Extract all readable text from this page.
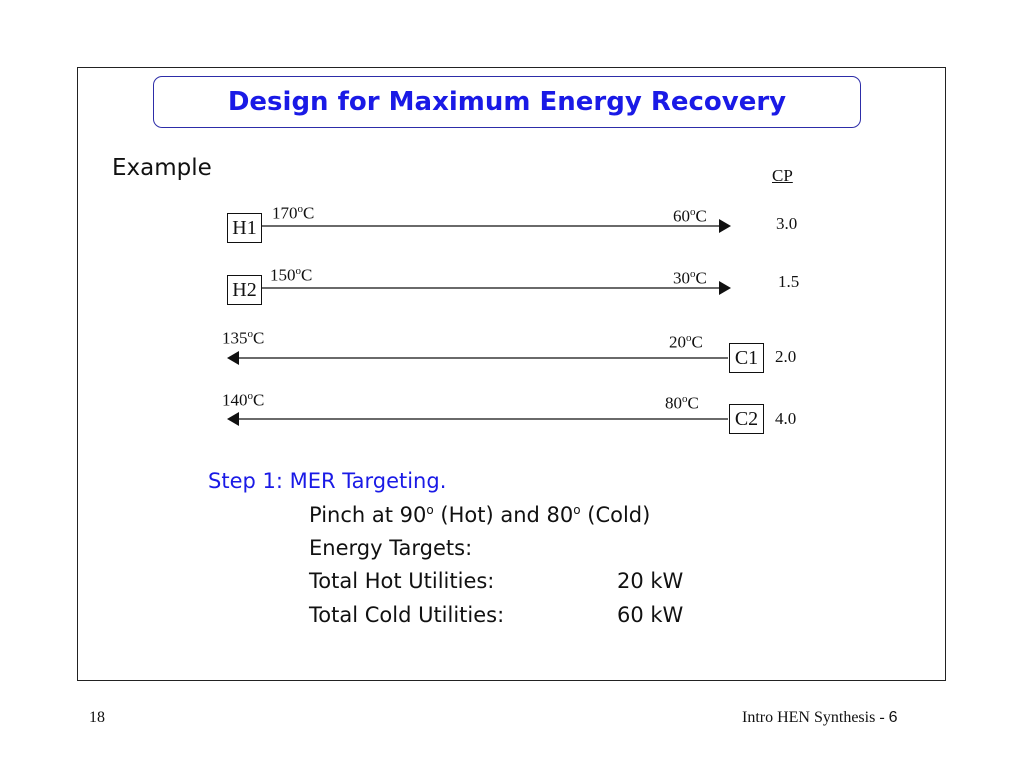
Design for Maximum Energy Recovery
Example	CP
H1
170$^o$C	60$^o$C	3.0
H2
150$^o$C	30$^o$C	1.5
C1
135$^o$C	20$^o$C
2.0
C2
140$^o$C	80$^o$C
4.0
Step 1: MER Targeting.
Pinch at 90$^o$ (Hot) and 80$^o$ (Cold)
Energy Targets:
Total Hot Utilities:	20 kW
Total Cold Utilities:	60 kW
18	Intro HEN Synthesis - 6
